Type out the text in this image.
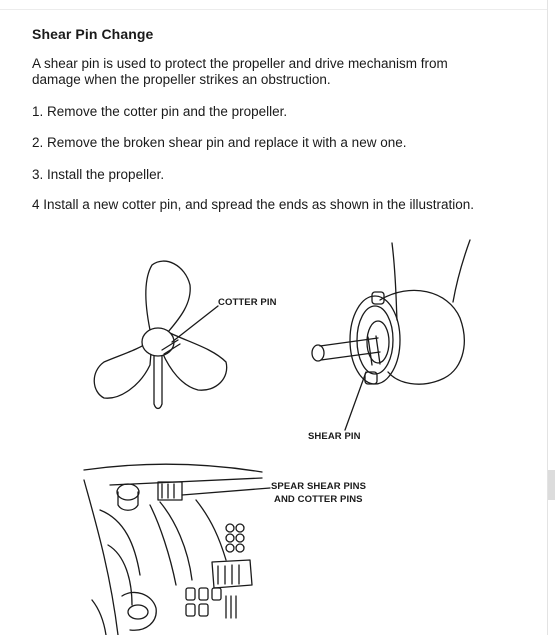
Shear Pin Change
A shear pin is used to protect the propeller and drive mechanism from
damage when the propeller strikes an obstruction.
1. Remove the cotter pin and the propeller.
2. Remove the broken shear pin and replace it with a new one.
3. Install the propeller.
4 Install a new cotter pin, and spread the ends as shown in the illustration.
COTTER PIN
SHEAR PIN
SPEAR SHEAR PINS
AND COTTER PINS
